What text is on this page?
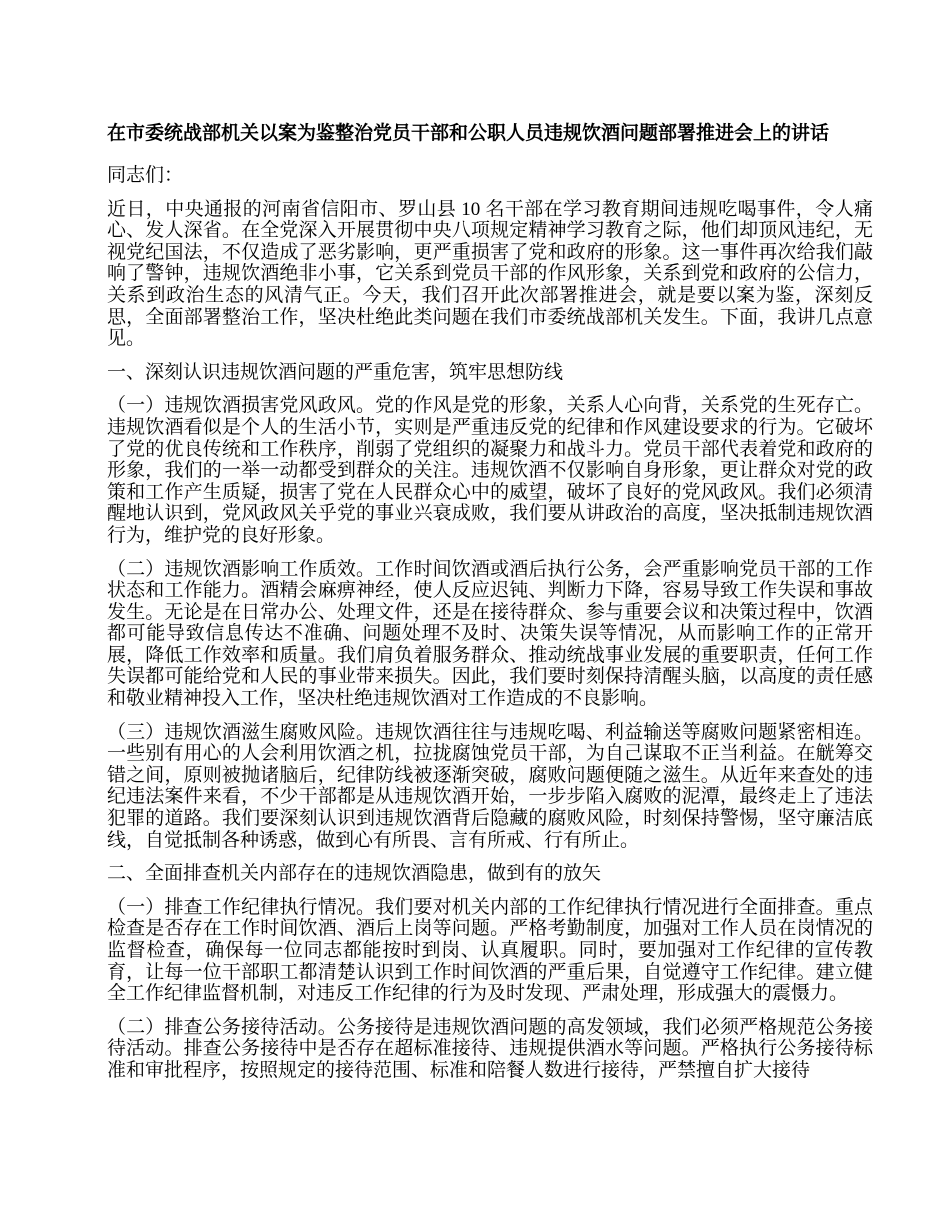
在市委统战部机关以案为鉴整治党员干部和公职人员违规饮酒问题部署推进会上的讲话

同志们：

近日，中央通报的河南省信阳市、罗山县 10 名干部在学习教育期间违规吃喝事件，令人痛心、发人深省。在全党深入开展贯彻中央八项规定精神学习教育之际，他们却顶风违纪，无视党纪国法，不仅造成了恶劣影响，更严重损害了党和政府的形象。这一事件再次给我们敲响了警钟，违规饮酒绝非小事，它关系到党员干部的作风形象，关系到党和政府的公信力，关系到政治生态的风清气正。今天，我们召开此次部署推进会，就是要以案为鉴，深刻反思，全面部署整治工作，坚决杜绝此类问题在我们市委统战部机关发生。下面，我讲几点意见。

一、深刻认识违规饮酒问题的严重危害，筑牢思想防线

（一）违规饮酒损害党风政风。党的作风是党的形象，关系人心向背，关系党的生死存亡。违规饮酒看似是个人的生活小节，实则是严重违反党的纪律和作风建设要求的行为。它破坏了党的优良传统和工作秩序，削弱了党组织的凝聚力和战斗力。党员干部代表着党和政府的形象，我们的一举一动都受到群众的关注。违规饮酒不仅影响自身形象，更让群众对党的政策和工作产生质疑，损害了党在人民群众心中的威望，破坏了良好的党风政风。我们必须清醒地认识到，党风政风关乎党的事业兴衰成败，我们要从讲政治的高度，坚决抵制违规饮酒行为，维护党的良好形象。

（二）违规饮酒影响工作质效。工作时间饮酒或酒后执行公务，会严重影响党员干部的工作状态和工作能力。酒精会麻痹神经，使人反应迟钝、判断力下降，容易导致工作失误和事故发生。无论是在日常办公、处理文件，还是在接待群众、参与重要会议和决策过程中，饮酒都可能导致信息传达不准确、问题处理不及时、决策失误等情况，从而影响工作的正常开展，降低工作效率和质量。我们肩负着服务群众、推动统战事业发展的重要职责，任何工作失误都可能给党和人民的事业带来损失。因此，我们要时刻保持清醒头脑，以高度的责任感和敬业精神投入工作，坚决杜绝违规饮酒对工作造成的不良影响。

（三）违规饮酒滋生腐败风险。违规饮酒往往与违规吃喝、利益输送等腐败问题紧密相连。一些别有用心的人会利用饮酒之机，拉拢腐蚀党员干部，为自己谋取不正当利益。在觥筹交错之间，原则被抛诸脑后，纪律防线被逐渐突破，腐败问题便随之滋生。从近年来查处的违纪违法案件来看，不少干部都是从违规饮酒开始，一步步陷入腐败的泥潭，最终走上了违法犯罪的道路。我们要深刻认识到违规饮酒背后隐藏的腐败风险，时刻保持警惕，坚守廉洁底线，自觉抵制各种诱惑，做到心有所畏、言有所戒、行有所止。

二、全面排查机关内部存在的违规饮酒隐患，做到有的放矢

（一）排查工作纪律执行情况。我们要对机关内部的工作纪律执行情况进行全面排查。重点检查是否存在工作时间饮酒、酒后上岗等问题。严格考勤制度，加强对工作人员在岗情况的监督检查，确保每一位同志都能按时到岗、认真履职。同时，要加强对工作纪律的宣传教育，让每一位干部职工都清楚认识到工作时间饮酒的严重后果，自觉遵守工作纪律。建立健全工作纪律监督机制，对违反工作纪律的行为及时发现、严肃处理，形成强大的震慑力。

（二）排查公务接待活动。公务接待是违规饮酒问题的高发领域，我们必须严格规范公务接待活动。排查公务接待中是否存在超标准接待、违规提供酒水等问题。严格执行公务接待标准和审批程序，按照规定的接待范围、标准和陪餐人数进行接待，严禁擅自扩大接待
